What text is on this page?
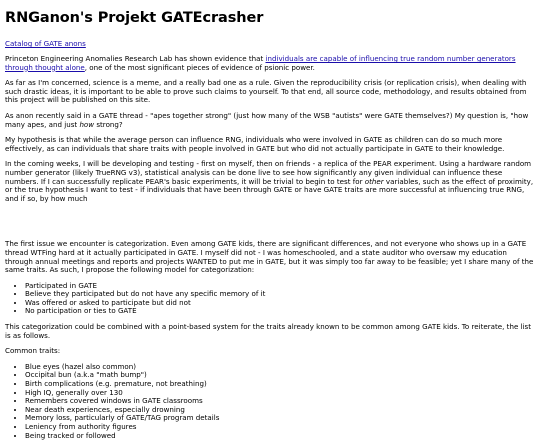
RNGanon's Projekt GATEcrasher
Catalog of GATE anons

Princeton Engineering Anomalies Research Lab has shown evidence that individuals are capable of influencing true random number generators through thought alone, one of the most significant pieces of evidence of psionic power.

As far as I'm concerned, science is a meme, and a really bad one as a rule. Given the reproducibility crisis (or replication crisis), when dealing with such drastic ideas, it is important to be able to prove such claims to yourself. To that end, all source code, methodology, and results obtained from this project will be published on this site.

As anon recently said in a GATE thread - "apes together strong" (just how many of the WSB "autists" were GATE themselves?) My question is, "how many apes, and just how strong?

My hypothesis is that while the average person can influence RNG, individuals who were involved in GATE as children can do so much more effectively, as can individuals that share traits with people involved in GATE but who did not actually participate in GATE to their knowledge.

In the coming weeks, I will be developing and testing - first on myself, then on friends - a replica of the PEAR experiment. Using a hardware random number generator (likely TrueRNG v3), statistical analysis can be done live to see how significantly any given individual can influence these numbers. If I can successfully replicate PEAR's basic experiments, it will be trivial to begin to test for other variables, such as the effect of proximity, or the true hypothesis I want to test - if individuals that have been through GATE or have GATE traits are more successful at influencing true RNG, and if so, by how much

The first issue we encounter is categorization. Even among GATE kids, there are significant differences, and not everyone who shows up in a GATE thread WTFing hard at it actually participated in GATE. I myself did not - I was homeschooled, and a state auditor who oversaw my education through annual meetings and reports and projects WANTED to put me in GATE, but it was simply too far away to be feasible; yet I share many of the same traits. As such, I propose the following model for categorization:

• Participated in GATE
• Believe they participated but do not have any specific memory of it
• Was offered or asked to participate but did not
• No participation or ties to GATE

This categorization could be combined with a point-based system for the traits already known to be common among GATE kids. To reiterate, the list is as follows.

Common traits:

• Blue eyes (hazel also common)
• Occipital bun (a.k.a "math bump")
• Birth complications (e.g. premature, not breathing)
• High IQ, generally over 130
• Remembers covered windows in GATE classrooms
• Near death experiences, especially drowning
• Memory loss, particularly of GATE/TAG program details
• Leniency from authority figures
• Being tracked or followed
